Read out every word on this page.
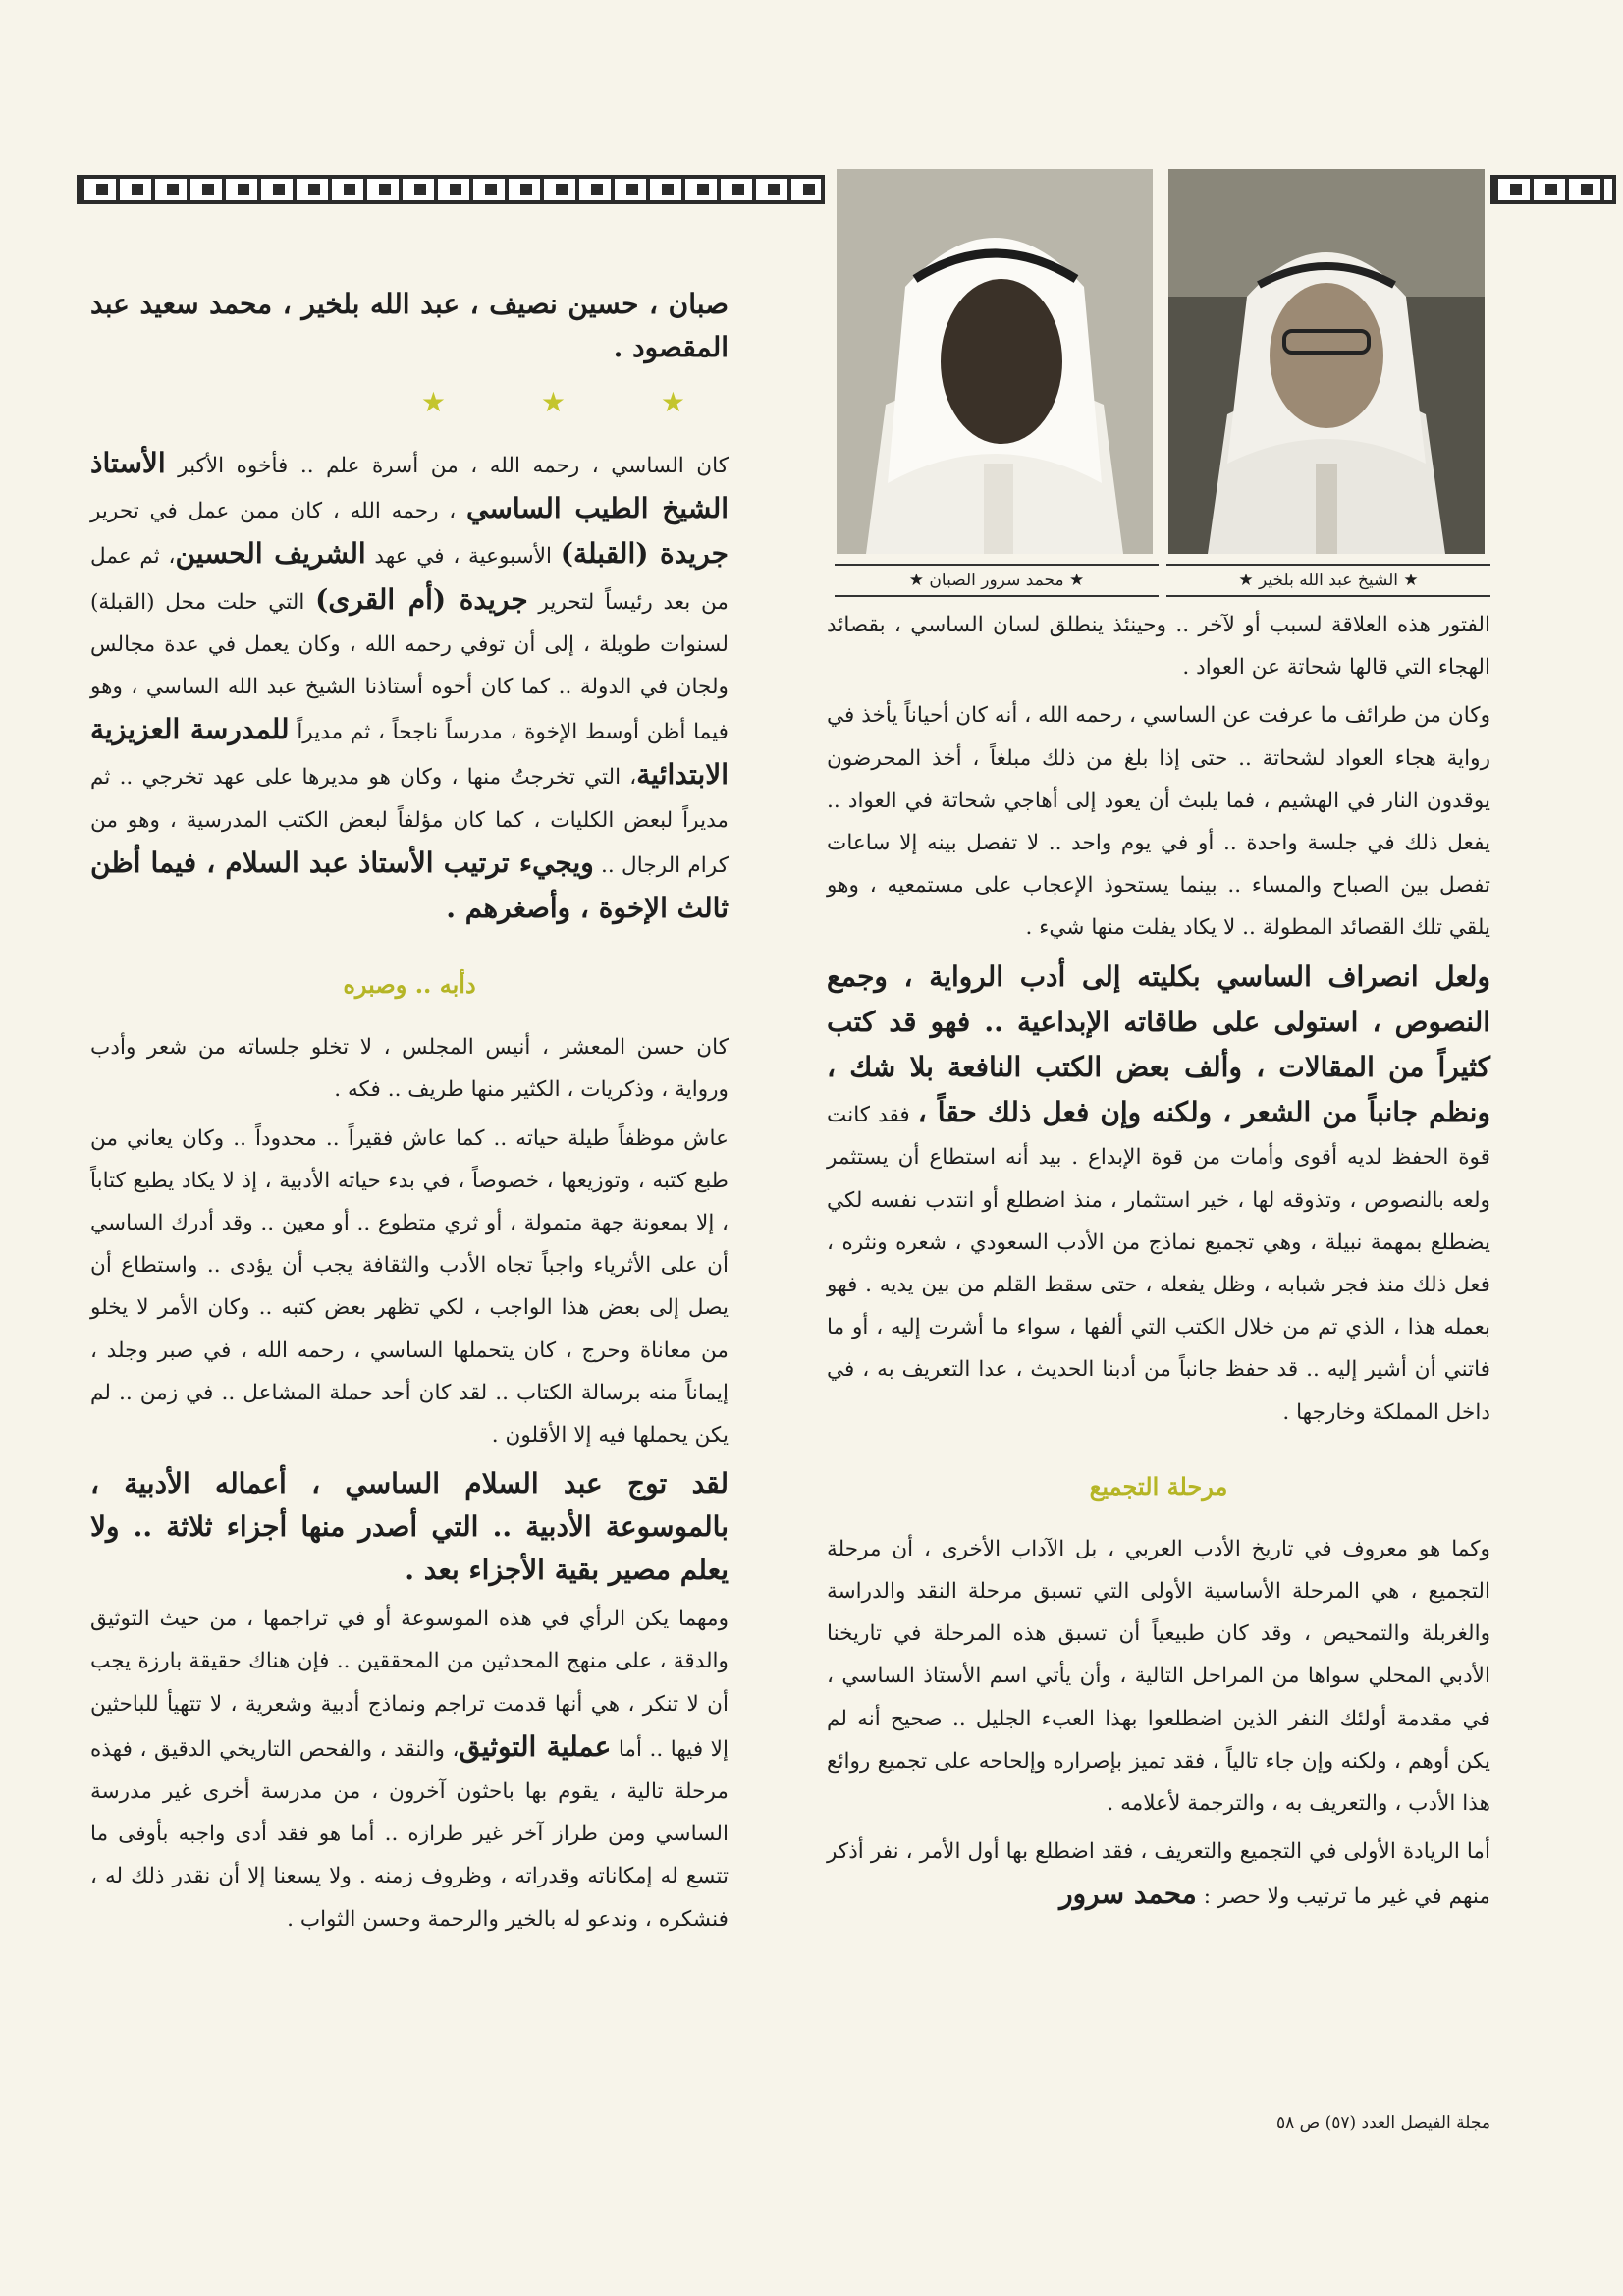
★ الشيخ عبد الله بلخير ★
★ محمد سرور الصبان ★

الفتور هذه العلاقة لسبب أو لآخر .. وحينئذ ينطلق لسان الساسي ، بقصائد الهجاء التي قالها شحاتة عن العواد .

وكان من طرائف ما عرفت عن الساسي ، رحمه الله ، أنه كان أحياناً يأخذ في رواية هجاء العواد لشحاتة .. حتى إذا بلغ من ذلك مبلغاً ، أخذ المحرضون يوقدون النار في الهشيم ، فما يلبث أن يعود إلى أهاجي شحاتة في العواد .. يفعل ذلك في جلسة واحدة .. أو في يوم واحد .. لا تفصل بينه إلا ساعات تفصل بين الصباح والمساء .. بينما يستحوذ الإعجاب على مستمعيه ، وهو يلقي تلك القصائد المطولة .. لا يكاد يفلت منها شيء .

ولعل انصراف الساسي بكليته إلى أدب الرواية ، وجمع النصوص ، استولى على طاقاته الإبداعية .. فهو قد كتب كثيراً من المقالات ، وألف بعض الكتب النافعة بلا شك ، ونظم جانباً من الشعر ، ولكنه وإن فعل ذلك حقاً ، فقد كانت قوة الحفظ لديه أقوى وأمات من قوة الإبداع . بيد أنه استطاع أن يستثمر ولعه بالنصوص ، وتذوقه لها ، خير استثمار ، منذ اضطلع أو انتدب نفسه لكي يضطلع بمهمة نبيلة ، وهي تجميع نماذج من الأدب السعودي ، شعره ونثره ، فعل ذلك منذ فجر شبابه ، وظل يفعله ، حتى سقط القلم من بين يديه . فهو بعمله هذا ، الذي تم من خلال الكتب التي ألفها ، سواء ما أشرت إليه ، أو ما فاتني أن أشير إليه .. قد حفظ جانباً من أدبنا الحديث ، عدا التعريف به ، في داخل المملكة وخارجها .

مرحلة التجميع

وكما هو معروف في تاريخ الأدب العربي ، بل الآداب الأخرى ، أن مرحلة التجميع ، هي المرحلة الأساسية الأولى التي تسبق مرحلة النقد والدراسة والغربلة والتمحيص ، وقد كان طبيعياً أن تسبق هذه المرحلة في تاريخنا الأدبي المحلي سواها من المراحل التالية ، وأن يأتي اسم الأستاذ الساسي ، في مقدمة أولئك النفر الذين اضطلعوا بهذا العبء الجليل .. صحيح أنه لم يكن أوهم ، ولكنه وإن جاء تالياً ، فقد تميز بإصراره وإلحاحه على تجميع روائع هذا الأدب ، والتعريف به ، والترجمة لأعلامه .

أما الريادة الأولى في التجميع والتعريف ، فقد اضطلع بها أول الأمر ، نفر أذكر منهم في غير ما ترتيب ولا حصر : محمد سرور

صبان ، حسين نصيف ، عبد الله بلخير ، محمد سعيد عبد المقصود .

★ ★ ★

كان الساسي ، رحمه الله ، من أسرة علم .. فأخوه الأكبر الأستاذ الشيخ الطيب الساسي ، رحمه الله ، كان ممن عمل في تحرير جريدة (القبلة) الأسبوعية ، في عهد الشريف الحسين، ثم عمل من بعد رئيساً لتحرير جريدة (أم القرى) التي حلت محل (القبلة) لسنوات طويلة ، إلى أن توفي رحمه الله ، وكان يعمل في عدة مجالس ولجان في الدولة .. كما كان أخوه أستاذنا الشيخ عبد الله الساسي ، وهو فيما أظن أوسط الإخوة ، مدرساً ناجحاً ، ثم مديراً للمدرسة العزيزية الابتدائية، التي تخرجتُ منها ، وكان هو مديرها على عهد تخرجي .. ثم مديراً لبعض الكليات ، كما كان مؤلفاً لبعض الكتب المدرسية ، وهو من كرام الرجال .. ويجيء ترتيب الأستاذ عبد السلام ، فيما أظن ثالث الإخوة ، وأصغرهم .

دأبه .. وصبره

كان حسن المعشر ، أنيس المجلس ، لا تخلو جلساته من شعر وأدب ورواية ، وذكريات ، الكثير منها طريف .. فكه .

عاش موظفاً طيلة حياته .. كما عاش فقيراً .. محدوداً .. وكان يعاني من طبع كتبه ، وتوزيعها ، خصوصاً ، في بدء حياته الأدبية ، إذ لا يكاد يطبع كتاباً ، إلا بمعونة جهة متمولة ، أو ثري متطوع .. أو معين .. وقد أدرك الساسي أن على الأثرياء واجباً تجاه الأدب والثقافة يجب أن يؤدى .. واستطاع أن يصل إلى بعض هذا الواجب ، لكي تظهر بعض كتبه .. وكان الأمر لا يخلو من معاناة وحرج ، كان يتحملها الساسي ، رحمه الله ، في صبر وجلد ، إيماناً منه برسالة الكتاب .. لقد كان أحد حملة المشاعل .. في زمن .. لم يكن يحملها فيه إلا الأقلون .

لقد توج عبد السلام الساسي ، أعماله الأدبية ، بالموسوعة الأدبية .. التي أصدر منها أجزاء ثلاثة .. ولا يعلم مصير بقية الأجزاء بعد .

ومهما يكن الرأي في هذه الموسوعة أو في تراجمها ، من حيث التوثيق والدقة ، على منهج المحدثين من المحققين .. فإن هناك حقيقة بارزة يجب أن لا تنكر ، هي أنها قدمت تراجم ونماذج أدبية وشعرية ، لا تتهيأ للباحثين إلا فيها .. أما عملية التوثيق، والنقد ، والفحص التاريخي الدقيق ، فهذه مرحلة تالية ، يقوم بها باحثون آخرون ، من مدرسة أخرى غير مدرسة الساسي ومن طراز آخر غير طرازه .. أما هو فقد أدى واجبه بأوفى ما تتسع له إمكاناته وقدراته ، وظروف زمنه . ولا يسعنا إلا أن نقدر ذلك له ، فنشكره ، وندعو له بالخير والرحمة وحسن الثواب .

مجلة الفيصل العدد (٥٧) ص ٥٨
